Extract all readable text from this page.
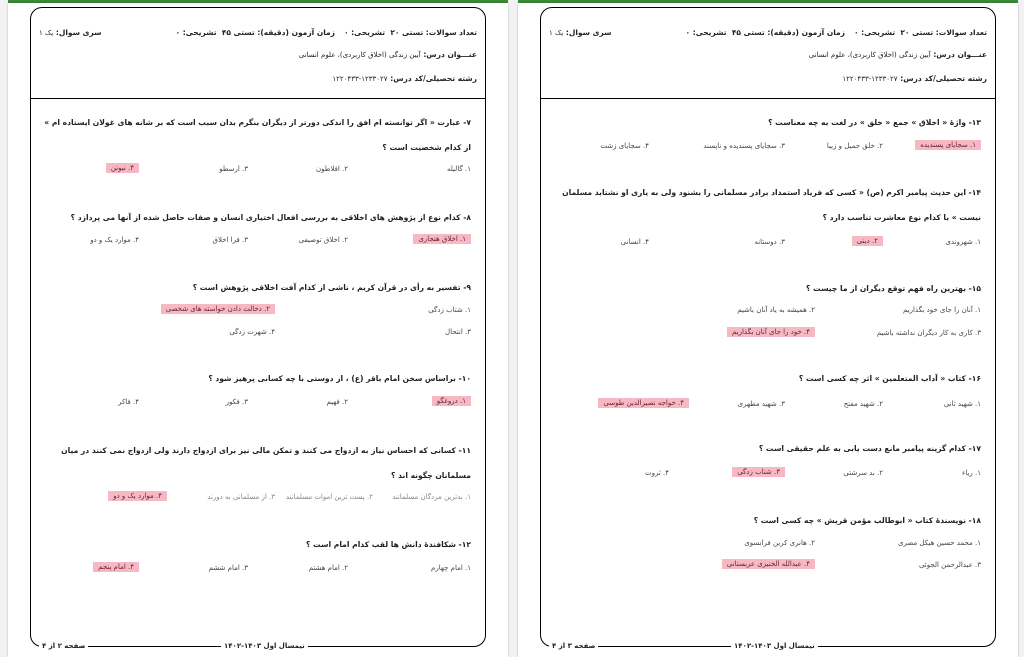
تعداد سوالات: تستی ۲۰  تشریحی: ۰
زمان آزمون (دقیقه): تستی ۴۵  تشریحی: ۰
سری سوال: یک ۱
عنـــوان درس: آیین زندگی (اخلاق کاربردی)، علوم انسانی
رشته تحصیلی/کد درس: ۱۲۳۳۰۲۷-۱۲۲۰۴۳۳
۷- عبارت « اگر توانسته ام افق را اندکی دورتر از دیگران بنگرم بدان سبب است که بر شانه های غولان ایستاده ام » از کدام شخصیت است ؟
۱. گالیله
۲. افلاطون
۳. ارسطو
۴. نیوتن
۸- کدام نوع از پژوهش های اخلاقی به بررسی افعال اختیاری انسان و صفات حاصل شده از آنها می پردازد ؟
۱. اخلاق هنجاری
۲. اخلاق توصیفی
۳. فرا اخلاق
۴. موارد یک و دو
۹- تفسیر به رأی در قرآن کریم ، ناشی از کدام آفت اخلاقی پژوهش است ؟
۱. شتاب زدگی
۲. دخالت دادن خواسته های شخصی
۳. انتحال
۴. شهرت زدگی
۱۰- براساس سخن امام باقر (ع) ، از دوستی با چه کسانی پرهیز شود ؟
۱. دروغگو
۲. فهیم
۳. فکور
۴. فاکر
۱۱- کسانی که احساس نیاز به ازدواج می کنند و تمکن مالی نیز برای ازدواج دارند ولی ازدواج نمی کنند در میان مسلمانان چگونه اند ؟
۱. بدترین مردگان مسلمانند
۲. پست ترین اموات مسلمانند
۳. از مسلمانی به دورند
۴. موارد یک و دو
۱۲- شکافندهٔ دانش ها لقب کدام امام است ؟
۱. امام چهارم
۲. امام هشتم
۳. امام ششم
۴. امام پنجم
نیمسال اول ۱۴۰۳-۱۴۰۲
صفحه ۲ از ۴
تعداد سوالات: تستی ۲۰  تشریحی: ۰
زمان آزمون (دقیقه): تستی ۴۵  تشریحی: ۰
سری سوال: یک ۱
عنـــوان درس: آیین زندگی (اخلاق کاربردی)، علوم انسانی
رشته تحصیلی/کد درس: ۱۲۳۳۰۲۷-۱۲۲۰۴۳۳
۱۳- واژهٔ « اخلاق » جمع « خلق » در لغت به چه معناست ؟
۱. سجایای پسندیده
۲. خلق جمیل و زیبا
۳. سجایای پسندیده و ناپسند
۴. سجایای زشت
۱۴- این حدیث پیامبر اکرم (ص) « کسی که فریاد استمداد برادر مسلمانی را بشنود ولی به یاری او نشتابد مسلمان نیست » با کدام نوع معاشرت تناسب دارد ؟
۱. شهروندی
۲. دینی
۳. دوستانه
۴. انسانی
۱۵- بهترین راه فهم توقع دیگران از ما چیست ؟
۱. آنان را جای خود بگذاریم
۲. همیشه به یاد آنان باشیم
۳. کاری به کار دیگران نداشته باشیم
۴. خود را جای آنان بگذاریم
۱۶- کتاب « آداب المتعلمین » اثر چه کسی است ؟
۱. شهید ثانی
۲. شهید مفتح
۳. شهید مطهری
۴. خواجه نصیرالدین طوسی
۱۷- کدام گزینه پیامبر مانع دست یابی به علم حقیقی است ؟
۱. ریاء
۲. بد سرشتی
۳. شتاب زدگی
۴. ثروت
۱۸- نویسندهٔ کتاب « ابوطالب مؤمن قریش » چه کسی است ؟
۱. محمد حسین هیکل مصری
۲. هانری کربن فرانسوی
۳. عبدالرحمن الجوئی
۴. عبدالله الخنیزی عربستانی
نیمسال اول ۱۴۰۳-۱۴۰۲
صفحه ۳ از ۴
